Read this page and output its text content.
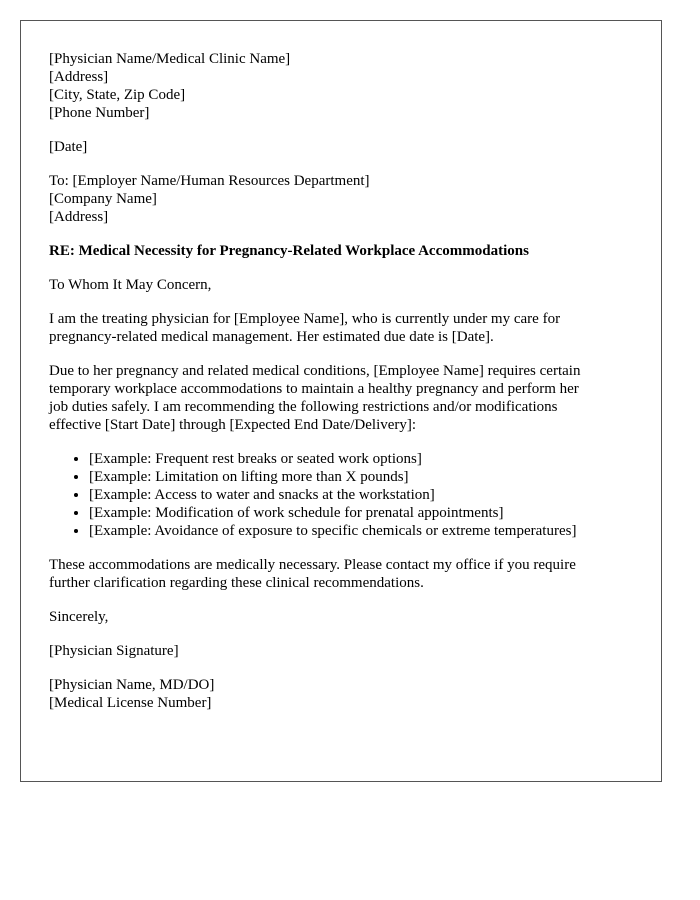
[Physician Name/Medical Clinic Name]
[Address]
[City, State, Zip Code]
[Phone Number]
[Date]
To: [Employer Name/Human Resources Department]
[Company Name]
[Address]
RE: Medical Necessity for Pregnancy-Related Workplace Accommodations
To Whom It May Concern,
I am the treating physician for [Employee Name], who is currently under my care for
pregnancy-related medical management. Her estimated due date is [Date].
Due to her pregnancy and related medical conditions, [Employee Name] requires certain
temporary workplace accommodations to maintain a healthy pregnancy and perform her
job duties safely. I am recommending the following restrictions and/or modifications
effective [Start Date] through [Expected End Date/Delivery]:
• [Example: Frequent rest breaks or seated work options]
• [Example: Limitation on lifting more than X pounds]
• [Example: Access to water and snacks at the workstation]
• [Example: Modification of work schedule for prenatal appointments]
• [Example: Avoidance of exposure to specific chemicals or extreme temperatures]
These accommodations are medically necessary. Please contact my office if you require
further clarification regarding these clinical recommendations.
Sincerely,
[Physician Signature]
[Physician Name, MD/DO]
[Medical License Number]
